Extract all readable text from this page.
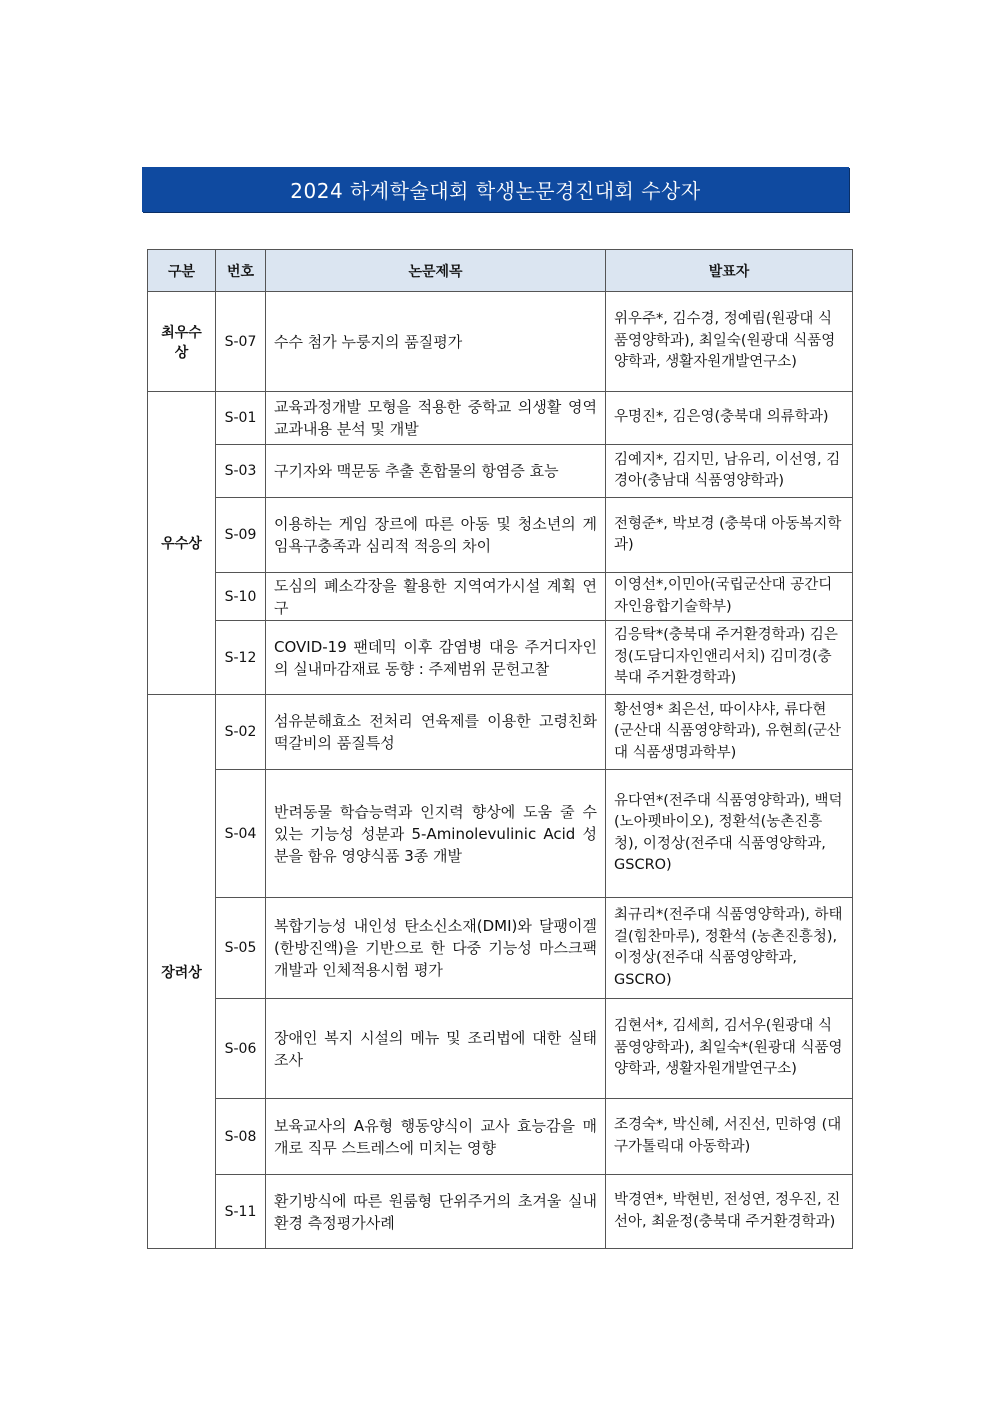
2024 하계학술대회 학생논문경진대회 수상자
구분	번호	논문제목	발표자
최우수상	S-07	수수 첨가 누룽지의 품질평가	위우주*, 김수경, 정예림(원광대 식품영양학과), 최일숙(원광대 식품영양학과, 생활자원개발연구소)
우수상	S-01	교육과정개발 모형을 적용한 중학교 의생활 영역 교과내용 분석 및 개발	우명진*, 김은영(충북대 의류학과)
	S-03	구기자와 맥문동 추출 혼합물의 항염증 효능	김예지*, 김지민, 남유리, 이선영, 김경아(충남대 식품영양학과)
	S-09	이용하는 게임 장르에 따른 아동 및 청소년의 게임욕구충족과 심리적 적응의 차이	전형준*, 박보경 (충북대 아동복지학과)
	S-10	도심의 폐소각장을 활용한 지역여가시설 계획 연구	이영선*,이민아(국립군산대 공간디자인융합기술학부)
	S-12	COVID-19 팬데믹 이후 감염병 대응 주거디자인의 실내마감재료 동향 : 주제범위 문헌고찰	김응탁*(충북대 주거환경학과) 김은정(도담디자인앤리서치) 김미경(충북대 주거환경학과)
장려상	S-02	섬유분해효소 전처리 연육제를 이용한 고령친화 떡갈비의 품질특성	황선영* 최은선, 따이샤샤, 류다현(군산대 식품영양학과), 유현희(군산대 식품생명과학부)
	S-04	반려동물 학습능력과 인지력 향상에 도움 줄 수 있는 기능성 성분과 5-Aminolevulinic Acid 성분을 함유 영양식품 3종 개발	유다연*(전주대 식품영양학과), 백덕(노아펫바이오), 정환석(농촌진흥청), 이정상(전주대 식품영양학과, GSCRO)
	S-05	복합기능성 내인성 탄소신소재(DMI)와 달팽이겔(한방진액)을 기반으로 한 다중 기능성 마스크팩 개발과 인체적용시험 평가	최규리*(전주대 식품영양학과), 하태걸(힘찬마루), 정환석 (농촌진흥청), 이정상(전주대 식품영양학과, GSCRO)
	S-06	장애인 복지 시설의 메뉴 및 조리법에 대한 실태 조사	김현서*, 김세희, 김서우(원광대 식품영양학과), 최일숙*(원광대 식품영양학과, 생활자원개발연구소)
	S-08	보육교사의 A유형 행동양식이 교사 효능감을 매개로 직무 스트레스에 미치는 영향	조경숙*, 박신혜, 서진선, 민하영 (대구가톨릭대 아동학과)
	S-11	환기방식에 따른 원룸형 단위주거의 초겨울 실내환경 측정평가사례	박경연*, 박현빈, 전성연, 정우진, 진선아, 최윤정(충북대 주거환경학과)
